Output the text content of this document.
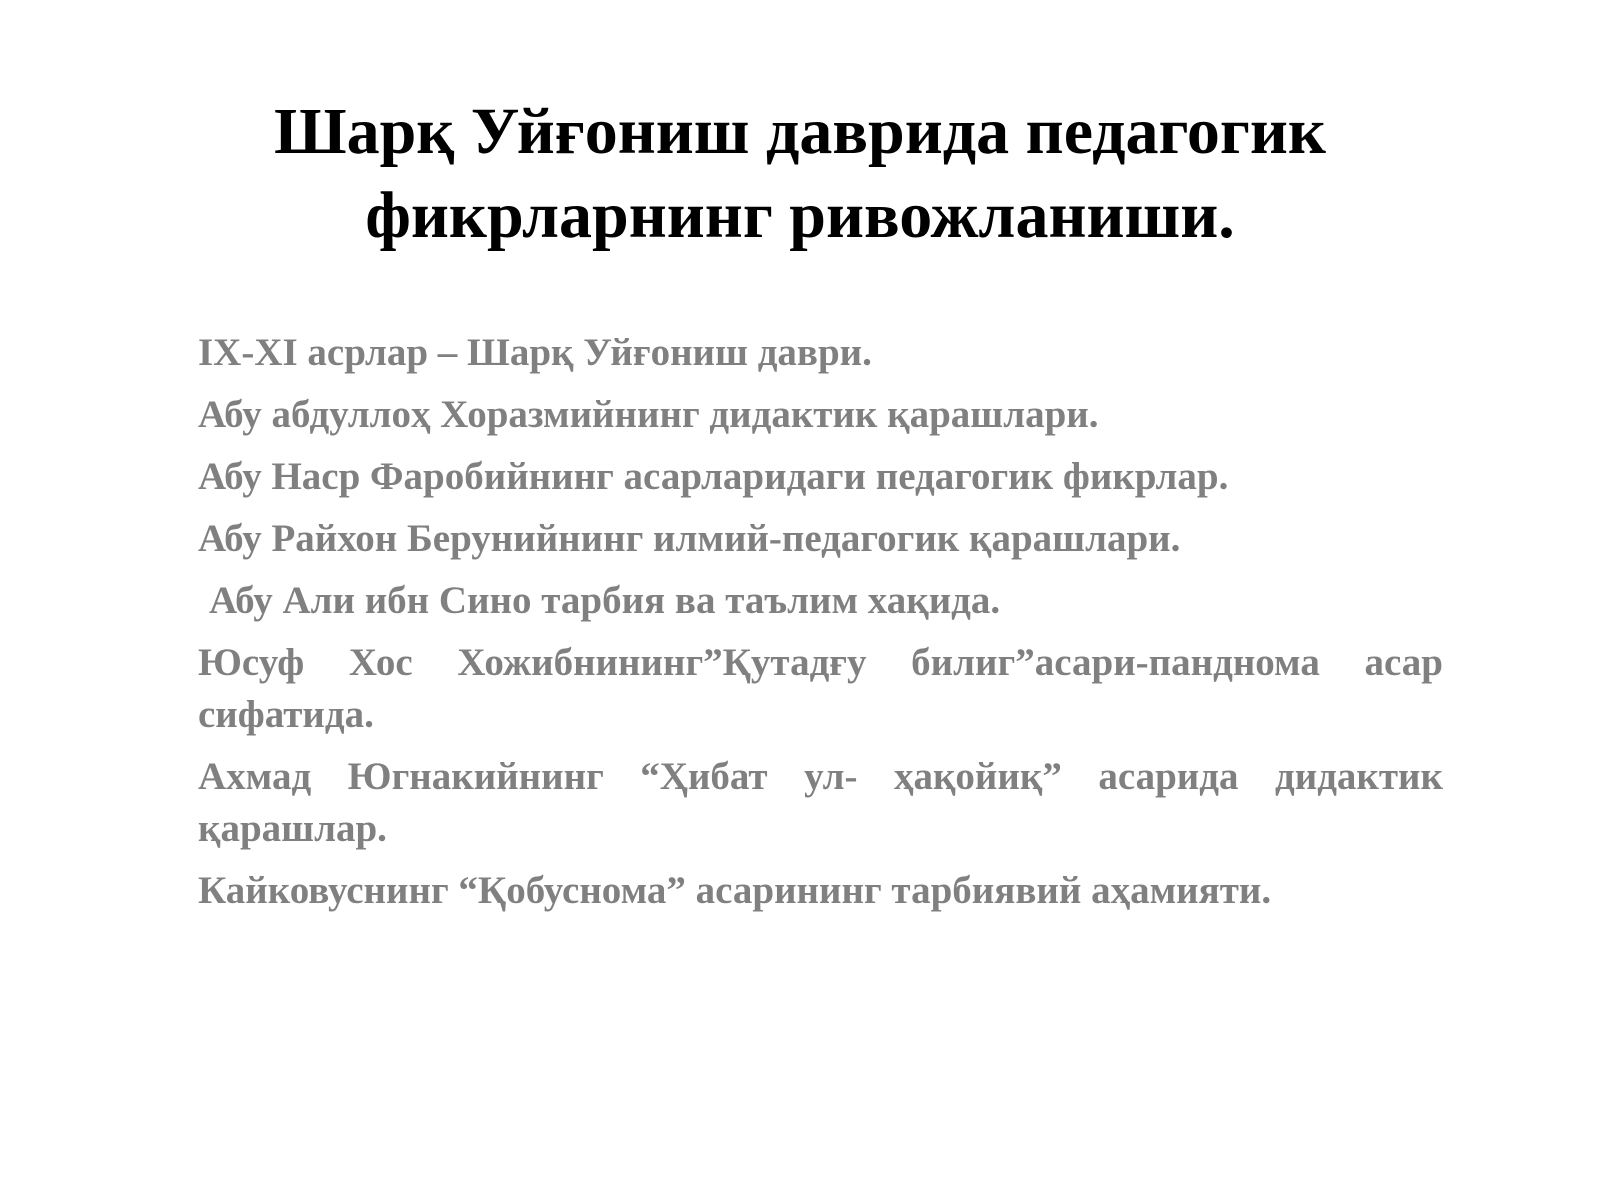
Шарқ Уйғониш даврида педагогик
фикрларнинг ривожланиши.
IX-XI асрлар – Шарқ Уйғониш даври.
Абу абдуллоҳ Хоразмийнинг дидактик қарашлари.
Абу Наср Фаробийнинг асарларидаги педагогик фикрлар.
Абу Райхон Берунийнинг илмий-педагогик қарашлари.
Абу Али ибн Сино тарбия ва таълим хақида.
Юсуф Хос Хожибнининг”Қутадғу билиг”асари-панднома асар сифатида.
Ахмад Югнакийнинг “Ҳибат ул- ҳақойиқ” асарида дидактик қарашлар.
Кайковуснинг “Қобуснома” асарининг тарбиявий аҳамияти.
